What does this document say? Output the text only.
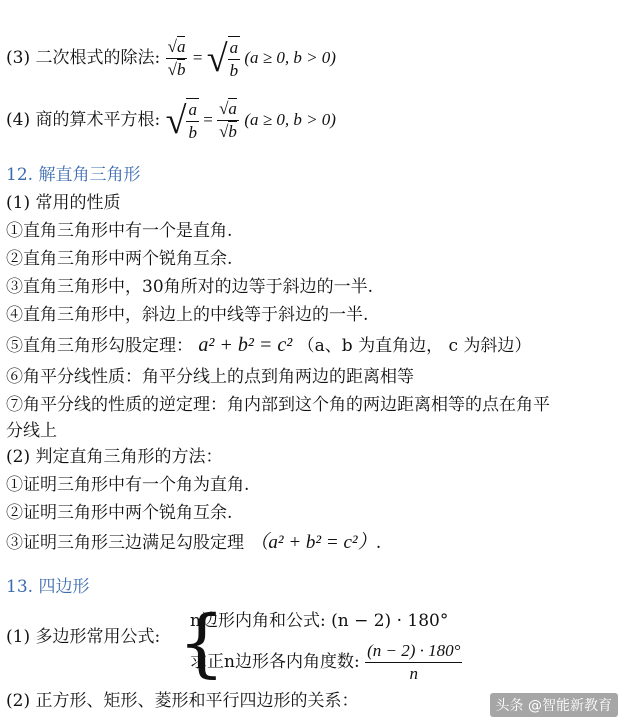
(3) 二次根式的除法: $\frac{√a}{√b}$ = √ $\frac{a}{b} (a \ge 0$, b > 0)
(4) 商的算术平方根: √ $\frac{a}{b} = \frac{√a}{√b} (a \ge 0$, b > 0)
12. 解直角三角形
(1) 常用的性质
①直角三角形中有一个是直角.
②直角三角形中两个锐角互余.
③直角三角形中，30角所对的边等于斜边的一半.
④直角三角形中，斜边上的中线等于斜边的一半.
⑤直角三角形勾股定理： a² + b² = c² （a、b 为直角边， c 为斜边）
⑥角平分线性质：角平分线上的点到角两边的距离相等
⑦角平分线的性质的逆定理：角内部到这个角的两边距离相等的点在角平
分线上
(2) 判定直角三角形的方法：
①证明三角形中有一个角为直角.
②证明三角形中两个锐角互余.
③证明三角形三边满足勾股定理 （a² + b² = c²）.
13. 四边形
(1) 多边形常用公式: {
n边形内角和公式: (n − 2) · 180°
求正n边形各内角度数: $\frac{(n - 2) \cdot 180^\circ}{n}$
(2) 正方形、矩形、菱形和平行四边形的关系：	头条 @智能新教育
